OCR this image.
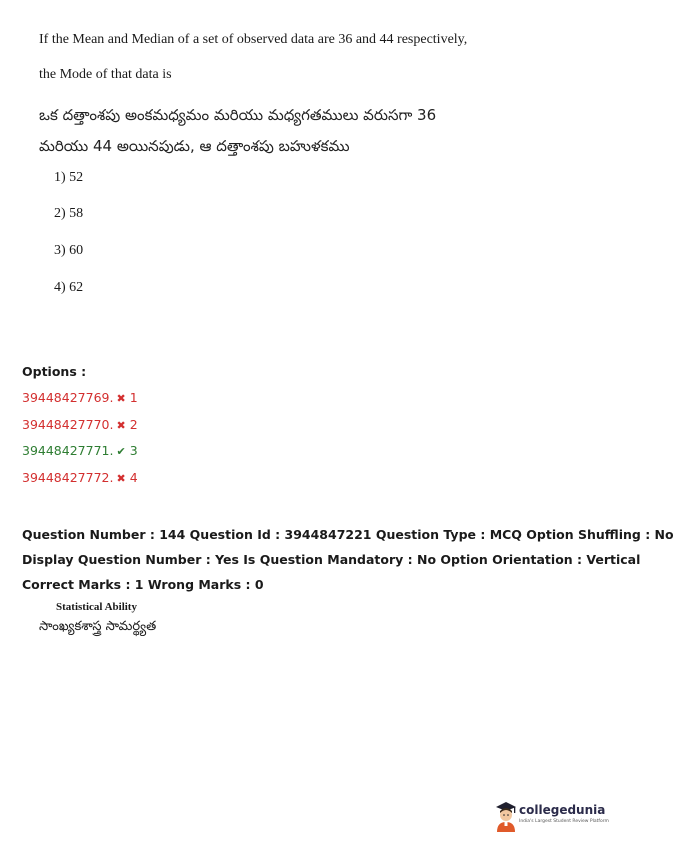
If the Mean and Median of a set of observed data are 36 and 44 respectively,
the Mode of that data is
ఒక దత్తాంశపు అంకమధ్యమం మరియు మధ్యగతములు వరుసగా 36
మరియు 44 అయినపుడు, ఆ దత్తాంశపు బహుళకము
1) 52
2) 58
3) 60
4) 62
Options :
39448427769. ✖ 1
39448427770. ✖ 2
39448427771. ✔ 3
39448427772. ✖ 4
Question Number : 144 Question Id : 3944847221 Question Type : MCQ Option Shuffling : No
Display Question Number : Yes Is Question Mandatory : No Option Orientation : Vertical
Correct Marks : 1 Wrong Marks : 0
Statistical Ability
సాంఖ్యకశాస్త్ర సామర్థ్యత
collegedunia
India's Largest Student Review Platform
